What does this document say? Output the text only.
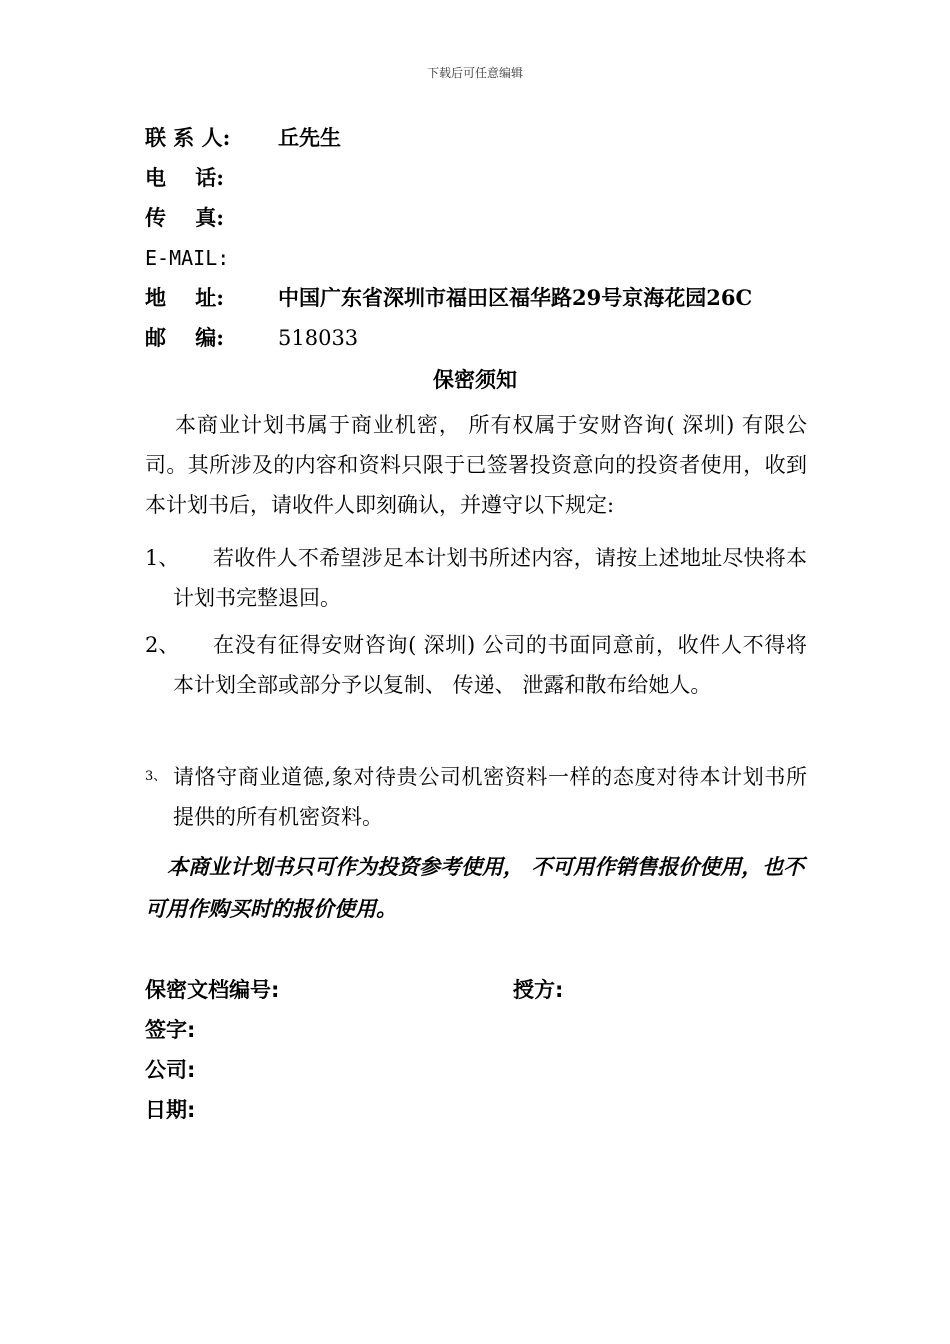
下载后可任意编辑
联 系 人:	丘先生
电    话:
传    真:
E-MAIL:
地    址:	中国广东省深圳市福田区福华路29号京海花园26C
邮    编:	518033
保密须知
本商业计划书属于商业机密， 所有权属于安财咨询( 深圳) 有限公司。其所涉及的内容和资料只限于已签署投资意向的投资者使用，收到本计划书后，请收件人即刻确认，并遵守以下规定:
1、	若收件人不希望涉足本计划书所述内容，请按上述地址尽快将本计划书完整退回。
2、	在没有征得安财咨询( 深圳) 公司的书面同意前，收件人不得将本计划全部或部分予以复制、 传递、 泄露和散布给她人。
3、 请恪守商业道德,象对待贵公司机密资料一样的态度对待本计划书所提供的所有机密资料。
本商业计划书只可作为投资参考使用， 不可用作销售报价使用，也不可用作购买时的报价使用。
保密文档编号:	授方:
签字:
公司:
日期:
